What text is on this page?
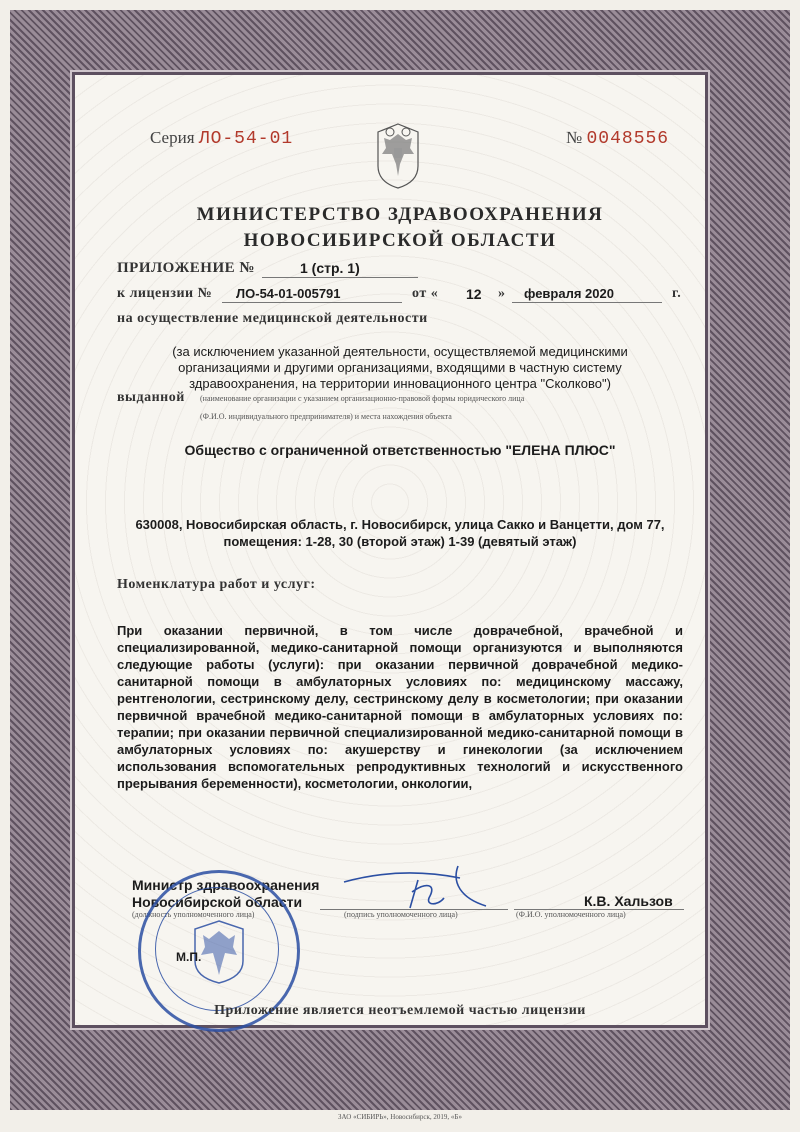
Серия ЛО-54-01	№ 0048556
МИНИСТЕРСТВО ЗДРАВООХРАНЕНИЯ
НОВОСИБИРСКОЙ ОБЛАСТИ
ПРИЛОЖЕНИЕ №	1 (стр. 1)
к лицензии № ЛО-54-01-005791	от « 12 » февраля 2020	г.
на осуществление медицинской деятельности
(за исключением указанной деятельности, осуществляемой медицинскими
организациями и другими организациями, входящими в частную систему
здравоохранения, на территории инновационного центра "Сколково")
выданной (наименование организации с указанием организационно-правовой формы юридического лица
(Ф.И.О. индивидуального предпринимателя) и места нахождения объекта
Общество с ограниченной ответственностью "ЕЛЕНА ПЛЮС"
630008, Новосибирская область, г. Новосибирск, улица Сакко и Ванцетти, дом 77,
помещения: 1-28, 30 (второй этаж) 1-39 (девятый этаж)
Номенклатура работ и услуг:
При оказании первичной, в том числе доврачебной, врачебной и специализированной, медико-санитарной помощи организуются и выполняются следующие работы (услуги): при оказании первичной доврачебной медико-санитарной помощи в амбулаторных условиях по: медицинскому массажу, рентгенологии, сестринскому делу, сестринскому делу в косметологии; при оказании первичной врачебной медико-санитарной помощи в амбулаторных условиях по: терапии; при оказании первичной специализированной медико-санитарной помощи в амбулаторных условиях по: акушерству и гинекологии (за исключением использования вспомогательных репродуктивных технологий и искусственного прерывания беременности), косметологии, онкологии,
Министр здравоохранения
Новосибирской области	К.В. Хальзов
(должность уполномоченного лица)	(подпись уполномоченного лица)	(Ф.И.О. уполномоченного лица)
М.П.
Приложение является неотъемлемой частью лицензии
ЗАО «СИБИРЬ», Новосибирск, 2019, «Б»
